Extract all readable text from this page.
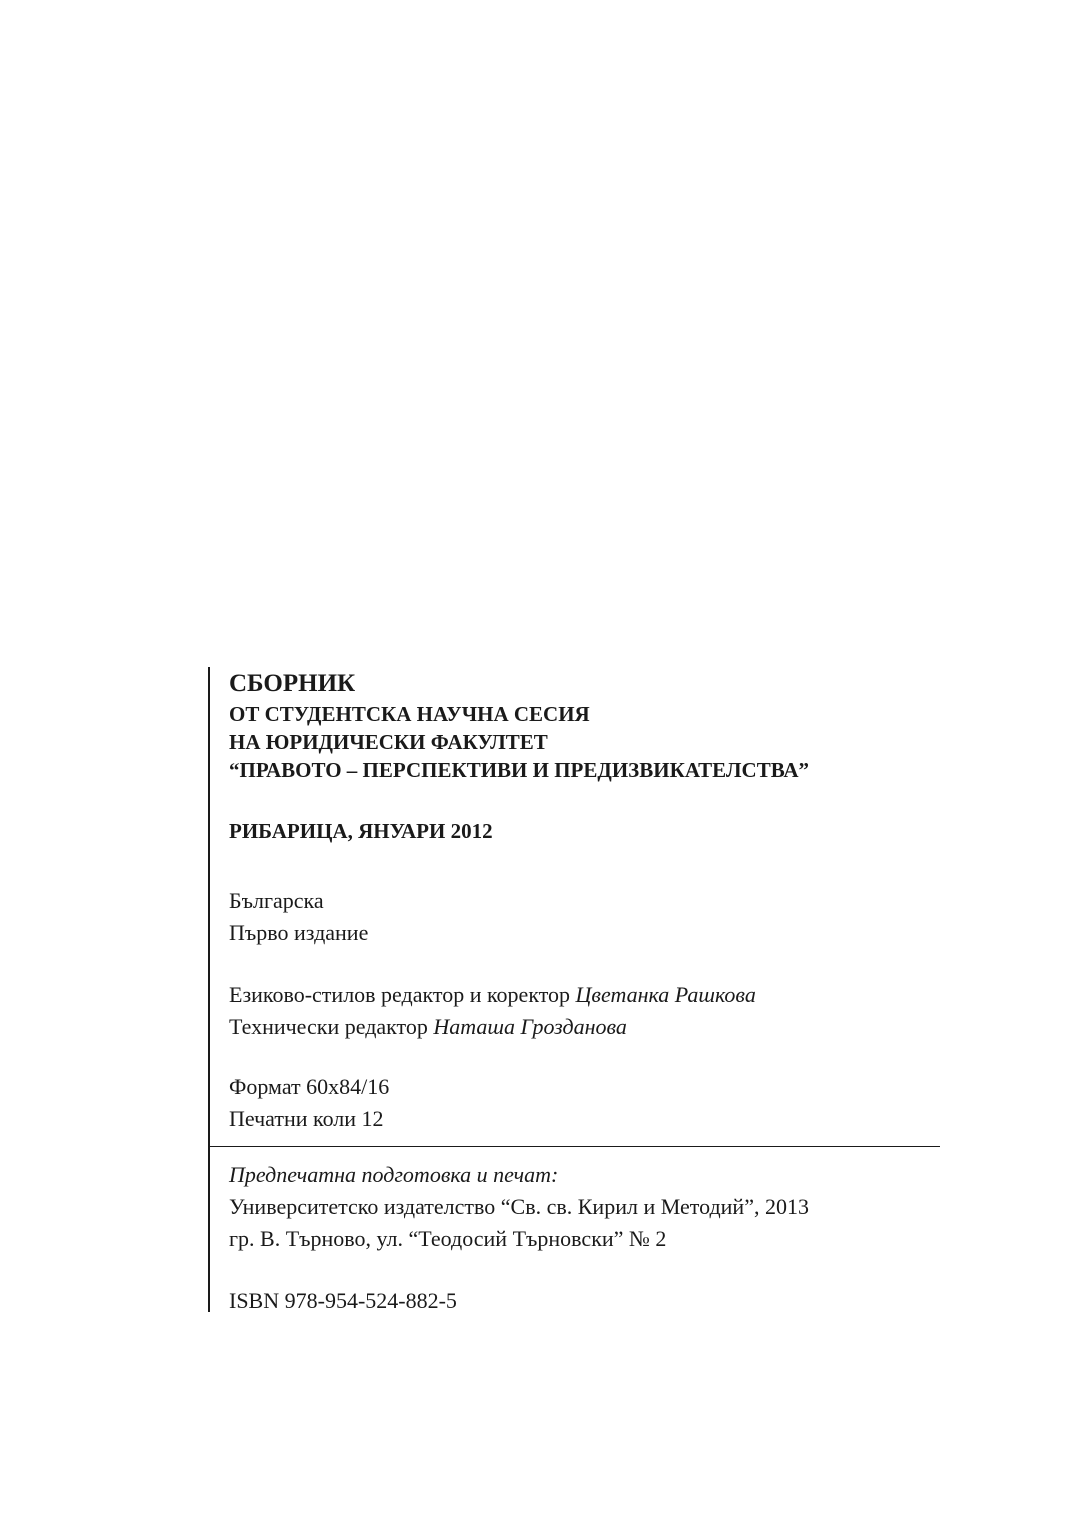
СБОРНИК
ОТ СТУДЕНТСКА НАУЧНА СЕСИЯ
НА ЮРИДИЧЕСКИ ФАКУЛТЕТ
“ПРАВОТО – ПЕРСПЕКТИВИ И ПРЕДИЗВИКАТЕЛСТВА”
РИБАРИЦА, ЯНУАРИ 2012
Българска
Първо издание
Езиково-стилов редактор и коректор Цветанка Рашкова
Технически редактор Наташа Грозданова
Формат 60x84/16
Печатни коли 12
Предпечатна подготовка и печат:
Университетско издателство “Св. св. Кирил и Методий”, 2013
гр. В. Търново, ул. “Теодосий Търновски” № 2
ISBN 978-954-524-882-5
